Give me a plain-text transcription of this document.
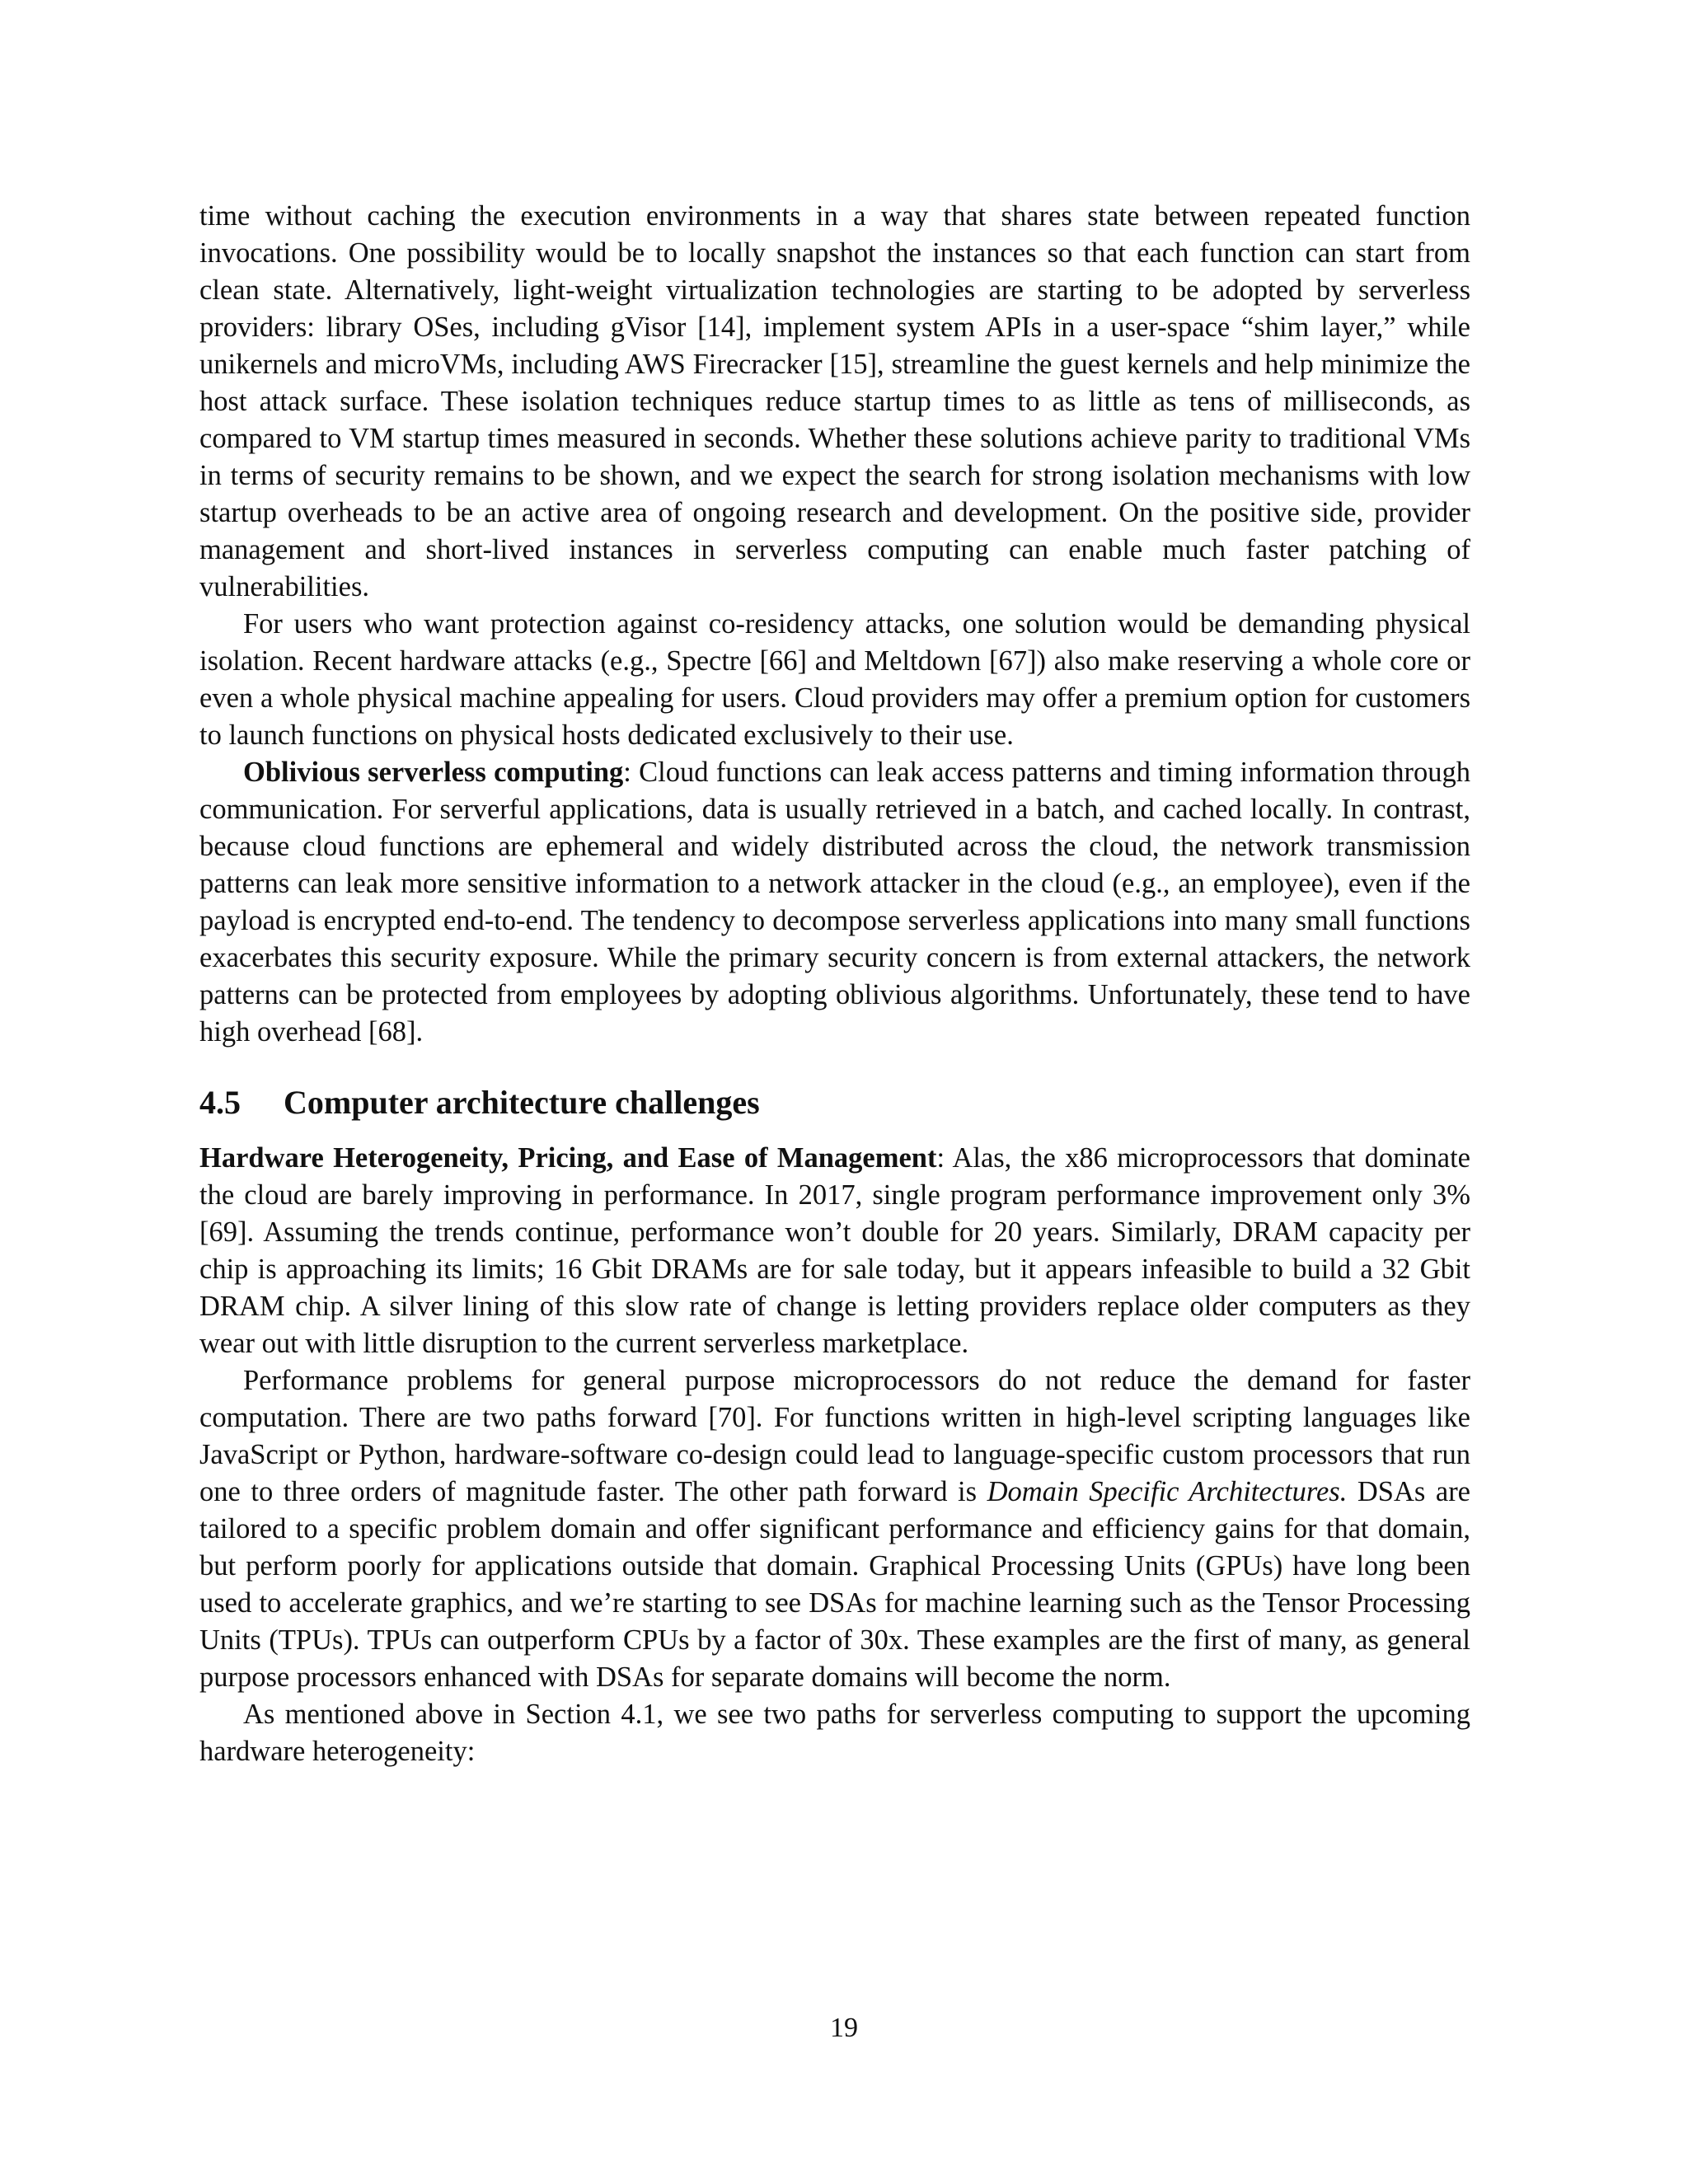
time without caching the execution environments in a way that shares state between repeated function invocations. One possibility would be to locally snapshot the instances so that each function can start from clean state. Alternatively, light-weight virtualization technologies are starting to be adopted by serverless providers: library OSes, including gVisor [14], implement system APIs in a user-space “shim layer,” while unikernels and microVMs, including AWS Firecracker [15], streamline the guest kernels and help minimize the host attack surface. These isolation techniques reduce startup times to as little as tens of milliseconds, as compared to VM startup times measured in seconds. Whether these solutions achieve parity to traditional VMs in terms of security remains to be shown, and we expect the search for strong isolation mechanisms with low startup overheads to be an active area of ongoing research and development. On the positive side, provider management and short-lived instances in serverless computing can enable much faster patching of vulnerabilities.

For users who want protection against co-residency attacks, one solution would be demanding physical isolation. Recent hardware attacks (e.g., Spectre [66] and Meltdown [67]) also make reserving a whole core or even a whole physical machine appealing for users. Cloud providers may offer a premium option for customers to launch functions on physical hosts dedicated exclusively to their use.

Oblivious serverless computing: Cloud functions can leak access patterns and timing information through communication. For serverful applications, data is usually retrieved in a batch, and cached locally. In contrast, because cloud functions are ephemeral and widely distributed across the cloud, the network transmission patterns can leak more sensitive information to a network attacker in the cloud (e.g., an employee), even if the payload is encrypted end-to-end. The tendency to decompose serverless applications into many small functions exacerbates this security exposure. While the primary security concern is from external attackers, the network patterns can be protected from employees by adopting oblivious algorithms. Unfortunately, these tend to have high overhead [68].

4.5 Computer architecture challenges

Hardware Heterogeneity, Pricing, and Ease of Management: Alas, the x86 microprocessors that dominate the cloud are barely improving in performance. In 2017, single program performance improvement only 3% [69]. Assuming the trends continue, performance won’t double for 20 years. Similarly, DRAM capacity per chip is approaching its limits; 16 Gbit DRAMs are for sale today, but it appears infeasible to build a 32 Gbit DRAM chip. A silver lining of this slow rate of change is letting providers replace older computers as they wear out with little disruption to the current serverless marketplace.

Performance problems for general purpose microprocessors do not reduce the demand for faster computation. There are two paths forward [70]. For functions written in high-level scripting languages like JavaScript or Python, hardware-software co-design could lead to language-specific custom processors that run one to three orders of magnitude faster. The other path forward is Domain Specific Architectures. DSAs are tailored to a specific problem domain and offer significant performance and efficiency gains for that domain, but perform poorly for applications outside that domain. Graphical Processing Units (GPUs) have long been used to accelerate graphics, and we’re starting to see DSAs for machine learning such as the Tensor Processing Units (TPUs). TPUs can outperform CPUs by a factor of 30x. These examples are the first of many, as general purpose processors enhanced with DSAs for separate domains will become the norm.

As mentioned above in Section 4.1, we see two paths for serverless computing to support the upcoming hardware heterogeneity:

19
